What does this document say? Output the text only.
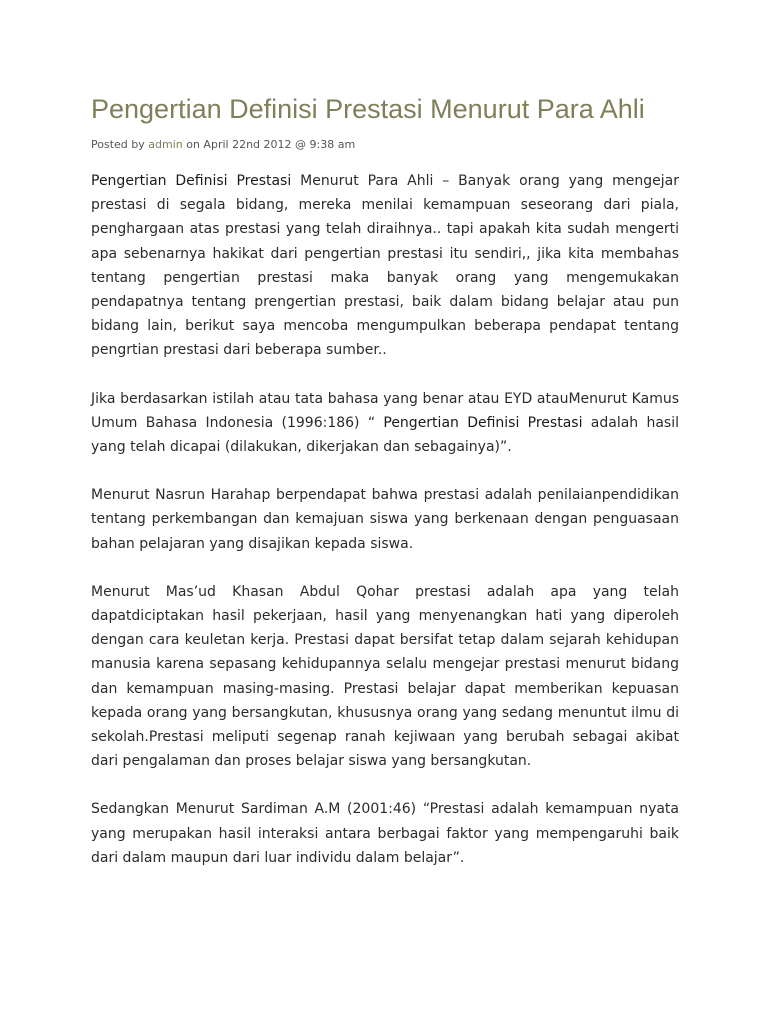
Pengertian Definisi Prestasi Menurut Para Ahli
Posted by admin on April 22nd 2012 @ 9:38 am

Pengertian Definisi Prestasi Menurut Para Ahli – Banyak orang yang mengejar prestasi di segala bidang, mereka menilai kemampuan seseorang dari piala, penghargaan atas prestasi yang telah diraihnya.. tapi apakah kita sudah mengerti apa sebenarnya hakikat dari pengertian prestasi itu sendiri,, jika kita membahas tentang pengertian prestasi maka banyak orang yang mengemukakan pendapatnya tentang prengertian prestasi, baik dalam bidang belajar atau pun bidang lain, berikut saya mencoba mengumpulkan beberapa pendapat tentang pengrtian prestasi dari beberapa sumber..

Jika berdasarkan istilah atau tata bahasa yang benar atau EYD atauMenurut Kamus Umum Bahasa Indonesia (1996:186) “ Pengertian Definisi Prestasi adalah hasil yang telah dicapai (dilakukan, dikerjakan dan sebagainya)”.

Menurut Nasrun Harahap berpendapat bahwa prestasi adalah penilaianpendidikan tentang perkembangan dan kemajuan siswa yang berkenaan dengan penguasaan bahan pelajaran yang disajikan kepada siswa.

Menurut Mas’ud Khasan Abdul Qohar prestasi adalah apa yang telah dapatdiciptakan hasil pekerjaan, hasil yang menyenangkan hati yang diperoleh dengan cara keuletan kerja. Prestasi dapat bersifat tetap dalam sejarah kehidupan manusia karena sepasang kehidupannya selalu mengejar prestasi menurut bidang dan kemampuan masing-masing. Prestasi belajar dapat memberikan kepuasan kepada orang yang bersangkutan, khususnya orang yang sedang menuntut ilmu di sekolah.Prestasi meliputi segenap ranah kejiwaan yang berubah sebagai akibat dari pengalaman dan proses belajar siswa yang bersangkutan.

Sedangkan Menurut Sardiman A.M (2001:46) “Prestasi adalah kemampuan nyata yang merupakan hasil interaksi antara berbagai faktor yang mempengaruhi baik dari dalam maupun dari luar individu dalam belajar”.
